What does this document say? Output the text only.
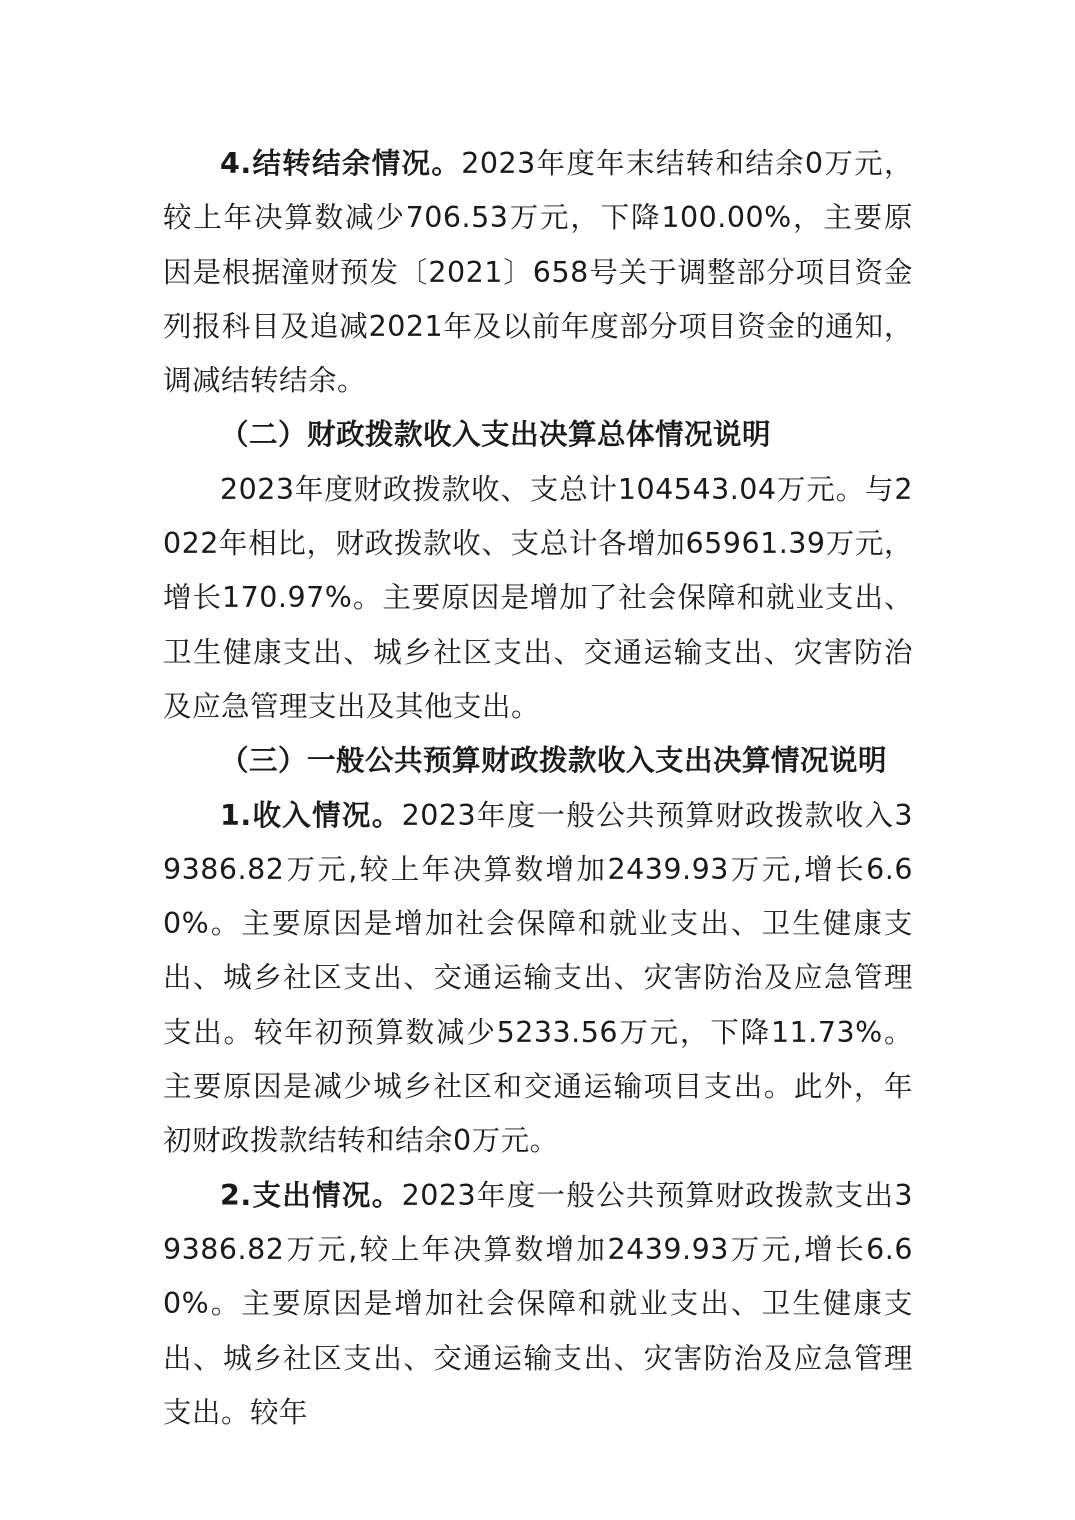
4.结转结余情况。2023年度年末结转和结余0万元，较上年决算数减少706.53万元，下降100.00%，主要原因是根据潼财预发〔2021〕658号关于调整部分项目资金列报科目及追减2021年及以前年度部分项目资金的通知，调减结转结余。

（二）财政拨款收入支出决算总体情况说明

2023年度财政拨款收、支总计104543.04万元。与2022年相比，财政拨款收、支总计各增加65961.39万元，增长170.97%。主要原因是增加了社会保障和就业支出、卫生健康支出、城乡社区支出、交通运输支出、灾害防治及应急管理支出及其他支出。

（三）一般公共预算财政拨款收入支出决算情况说明

1.收入情况。2023年度一般公共预算财政拨款收入39386.82万元,较上年决算数增加2439.93万元,增长6.60%。主要原因是增加社会保障和就业支出、卫生健康支出、城乡社区支出、交通运输支出、灾害防治及应急管理支出。较年初预算数减少5233.56万元，下降11.73%。主要原因是减少城乡社区和交通运输项目支出。此外，年初财政拨款结转和结余0万元。

2.支出情况。2023年度一般公共预算财政拨款支出39386.82万元,较上年决算数增加2439.93万元,增长6.60%。主要原因是增加社会保障和就业支出、卫生健康支出、城乡社区支出、交通运输支出、灾害防治及应急管理支出。较年
